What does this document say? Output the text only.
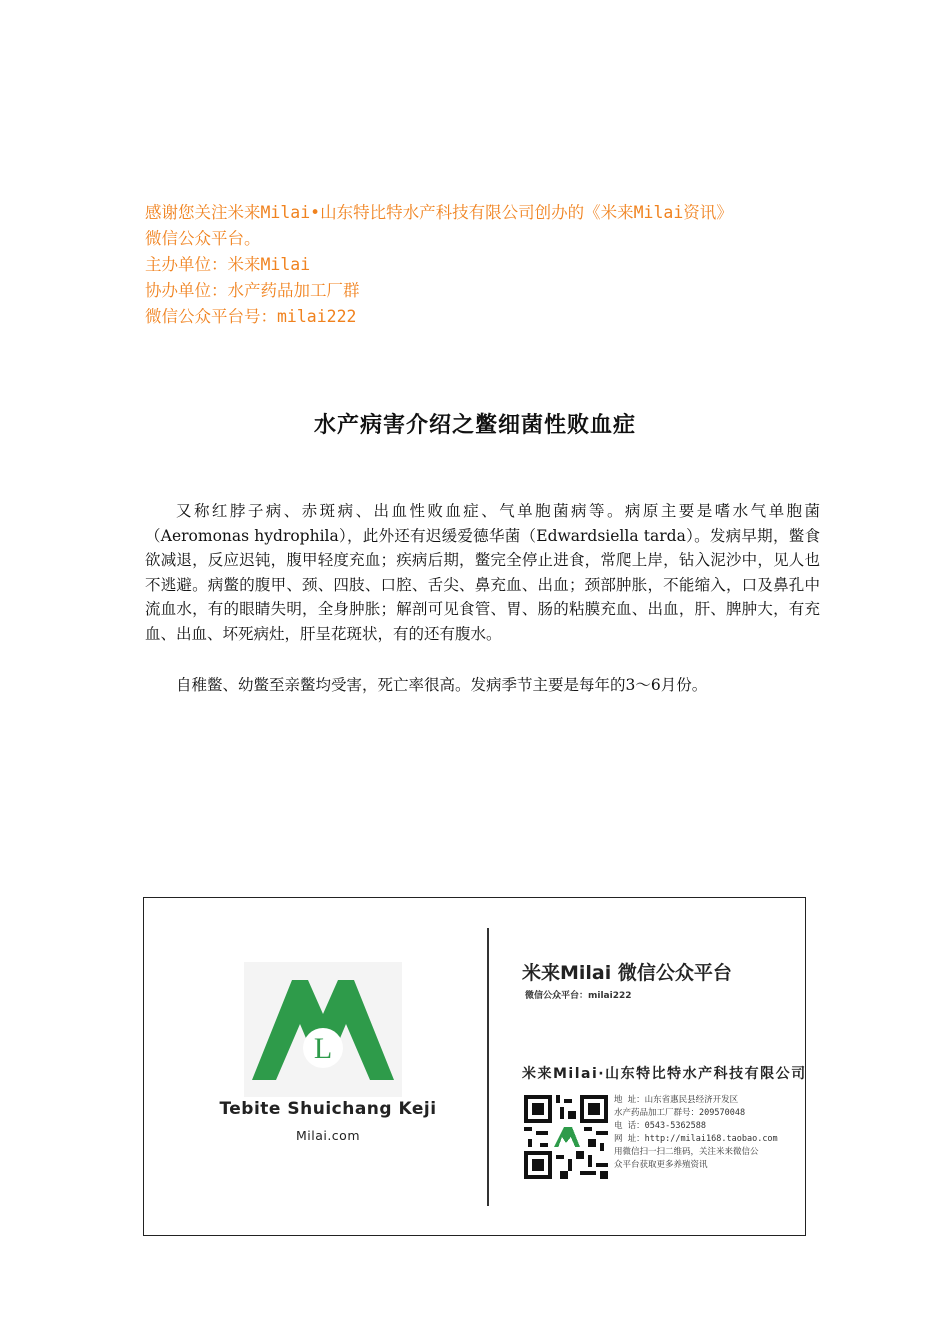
感谢您关注米来Milai•山东特比特水产科技有限公司创办的《米来Milai资讯》
微信公众平台。
主办单位：米来Milai
协办单位：水产药品加工厂群
微信公众平台号：milai222
水产病害介绍之鳖细菌性败血症

又称红脖子病、赤斑病、出血性败血症、气单胞菌病等。病原主要是嗜水气单胞菌（Aeromonas hydrophila），此外还有迟缓爱德华菌（Edwardsiella tarda）。发病早期，鳖食欲减退，反应迟钝，腹甲轻度充血；疾病后期，鳖完全停止进食，常爬上岸，钻入泥沙中，见人也不逃避。病鳖的腹甲、颈、四肢、口腔、舌尖、鼻充血、出血；颈部肿胀，不能缩入，口及鼻孔中流血水，有的眼睛失明，全身肿胀；解剖可见食管、胃、肠的粘膜充血、出血，肝、脾肿大，有充血、出血、坏死病灶，肝呈花斑状，有的还有腹水。

自稚鳖、幼鳖至亲鳖均受害，死亡率很高。发病季节主要是每年的3～6月份。

L
Tebite Shuichang Keji
Milai.com
米来Milai 微信公众平台
微信公众平台：milai222
米来Milai·山东特比特水产科技有限公司
地 址：山东省惠民县经济开发区
水产药品加工厂群号：209570048
电 话：0543-5362588
网 址：http://milai168.taobao.com
用微信扫一扫二维码，关注米来微信公
众平台获取更多养殖资讯
